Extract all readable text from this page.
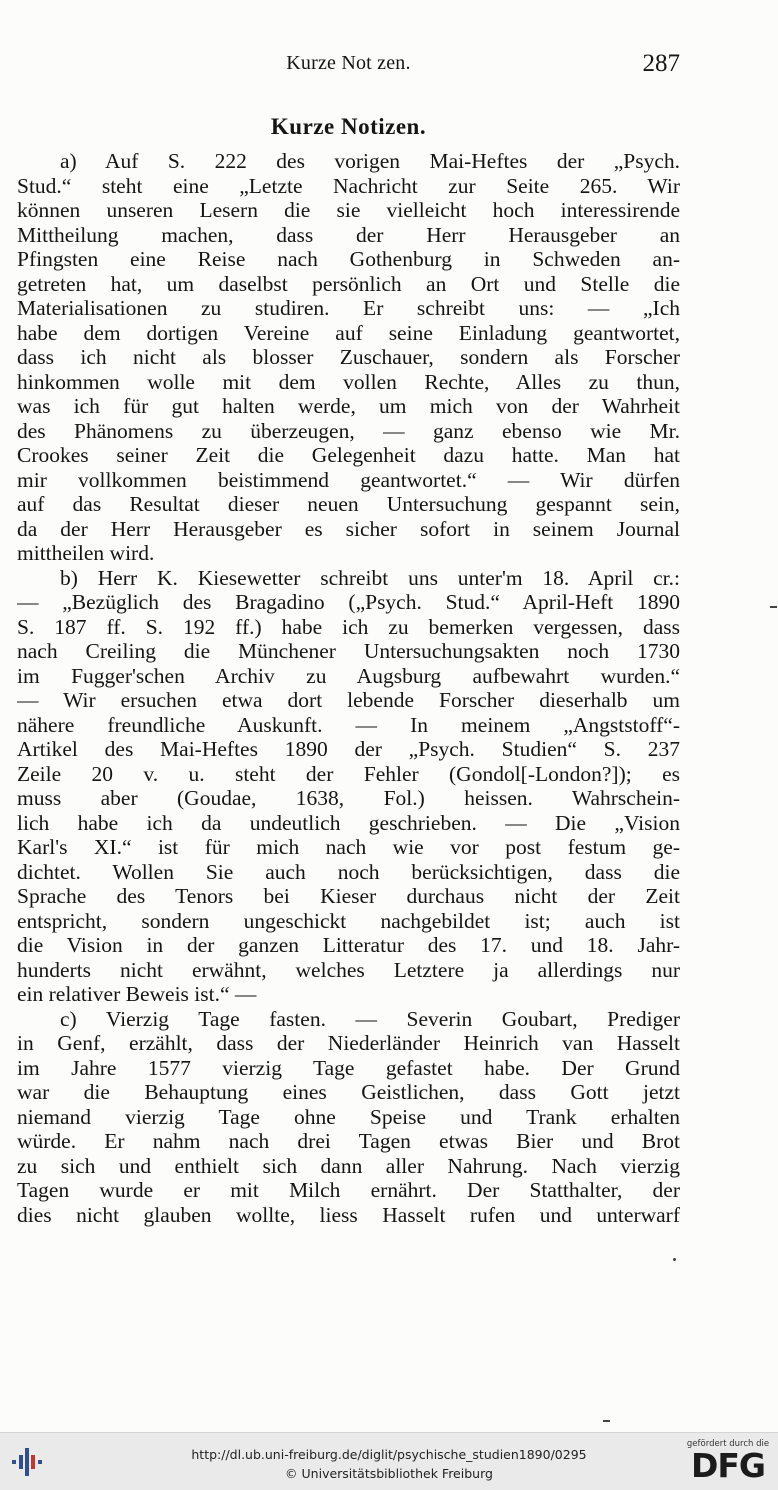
Kurze Not zen.	287
Kurze Notizen.
a) Auf S. 222 des vorigen Mai-Heftes der „Psych.
Stud.“ steht eine „Letzte Nachricht zur Seite 265. Wir
können unseren Lesern die sie vielleicht hoch interessirende
Mittheilung machen, dass der Herr Herausgeber an
Pfingsten eine Reise nach Gothenburg in Schweden an-
getreten hat, um daselbst persönlich an Ort und Stelle die
Materialisationen zu studiren. Er schreibt uns: — „Ich
habe dem dortigen Vereine auf seine Einladung geantwortet,
dass ich nicht als blosser Zuschauer, sondern als Forscher
hinkommen wolle mit dem vollen Rechte, Alles zu thun,
was ich für gut halten werde, um mich von der Wahrheit
des Phänomens zu überzeugen, — ganz ebenso wie Mr.
Crookes seiner Zeit die Gelegenheit dazu hatte. Man hat
mir vollkommen beistimmend geantwortet.“ — Wir dürfen
auf das Resultat dieser neuen Untersuchung gespannt sein,
da der Herr Herausgeber es sicher sofort in seinem Journal
mittheilen wird.
b) Herr K. Kiesewetter schreibt uns unter'm 18. April cr.:
— „Bezüglich des Bragadino („Psych. Stud.“ April-Heft 1890
S. 187 ff. S. 192 ff.) habe ich zu bemerken vergessen, dass
nach Creiling die Münchener Untersuchungsakten noch 1730
im Fugger'schen Archiv zu Augsburg aufbewahrt wurden.“
— Wir ersuchen etwa dort lebende Forscher dieserhalb um
nähere freundliche Auskunft. — In meinem „Angststoff“-
Artikel des Mai-Heftes 1890 der „Psych. Studien“ S. 237
Zeile 20 v. u. steht der Fehler (Gondol[-London?]); es
muss aber (Goudae, 1638, Fol.) heissen. Wahrschein-
lich habe ich da undeutlich geschrieben. — Die „Vision
Karl's XI.“ ist für mich nach wie vor post festum ge-
dichtet. Wollen Sie auch noch berücksichtigen, dass die
Sprache des Tenors bei Kieser durchaus nicht der Zeit
entspricht, sondern ungeschickt nachgebildet ist; auch ist
die Vision in der ganzen Litteratur des 17. und 18. Jahr-
hunderts nicht erwähnt, welches Letztere ja allerdings nur
ein relativer Beweis ist.“ —
c) Vierzig Tage fasten. — Severin Goubart, Prediger
in Genf, erzählt, dass der Niederländer Heinrich van Hasselt
im Jahre 1577 vierzig Tage gefastet habe. Der Grund
war die Behauptung eines Geistlichen, dass Gott jetzt
niemand vierzig Tage ohne Speise und Trank erhalten
würde. Er nahm nach drei Tagen etwas Bier und Brot
zu sich und enthielt sich dann aller Nahrung. Nach vierzig
Tagen wurde er mit Milch ernährt. Der Statthalter, der
dies nicht glauben wollte, liess Hasselt rufen und unterwarf
http://dl.ub.uni-freiburg.de/diglit/psychische_studien1890/0295
© Universitätsbibliothek Freiburg
gefördert durch die
DFG
